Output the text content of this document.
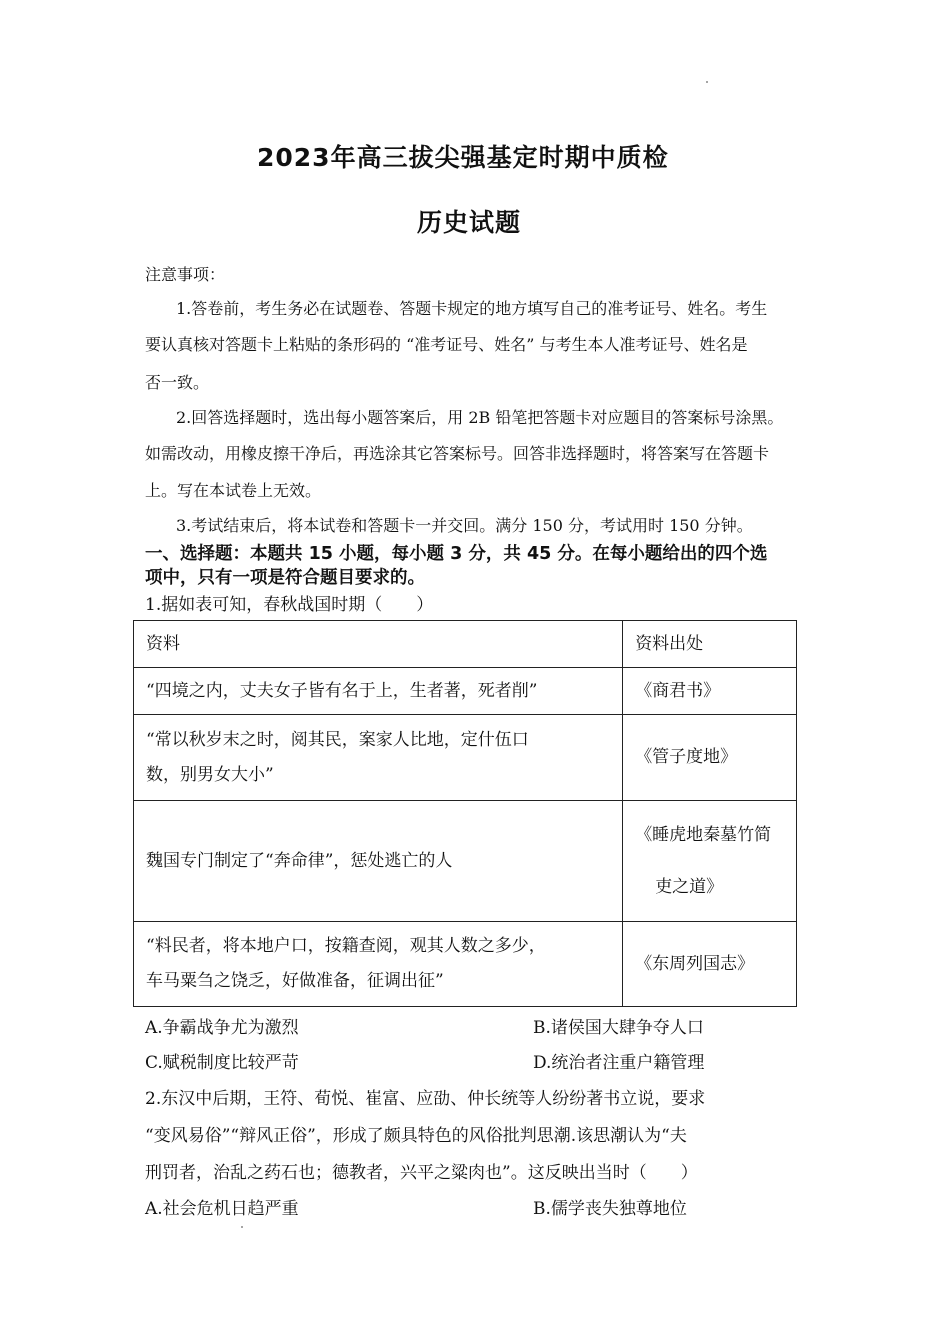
2023年高三拔尖强基定时期中质检
历史试题
注意事项：
1.答卷前，考生务必在试题卷、答题卡规定的地方填写自己的准考证号、姓名。考生
要认真核对答题卡上粘贴的条形码的 “准考证号、姓名” 与考生本人准考证号、姓名是
否一致。
2.回答选择题时，选出每小题答案后，用 2B 铅笔把答题卡对应题目的答案标号涂黑。
如需改动，用橡皮擦干净后，再选涂其它答案标号。回答非选择题时，将答案写在答题卡
上。写在本试卷上无效。
3.考试结束后，将本试卷和答题卡一并交回。满分 150 分，考试用时 150 分钟。
一、选择题：本题共 15 小题，每小题 3 分，共 45 分。在每小题给出的四个选
项中，只有一项是符合题目要求的。
1.据如表可知，春秋战国时期（　　）
资料	资料出处

“四境之内，丈夫女子皆有名于上，生者著，死者削”	《商君书》

“常以秋岁末之时，阅其民，案家人比地，定什伍口
数，别男女大小”	《管子度地》

魏国专门制定了“奔命律”，惩处逃亡的人	《睡虎地秦墓竹简
吏之道》

“料民者，将本地户口，按籍查阅，观其人数之多少，
车马粟刍之饶乏，好做准备，征调出征”	《东周列国志》
A.争霸战争尤为激烈	B.诸侯国大肆争夺人口
C.赋税制度比较严苛	D.统治者注重户籍管理
2.东汉中后期，王符、荀悦、崔富、应劭、仲长统等人纷纷著书立说，要求
“变风易俗”“辩风正俗”，形成了颇具特色的风俗批判思潮.该思潮认为“夫
刑罚者，治乱之药石也；德教者，兴平之粱肉也”。这反映出当时（　　）
A.社会危机日趋严重	B.儒学丧失独尊地位
